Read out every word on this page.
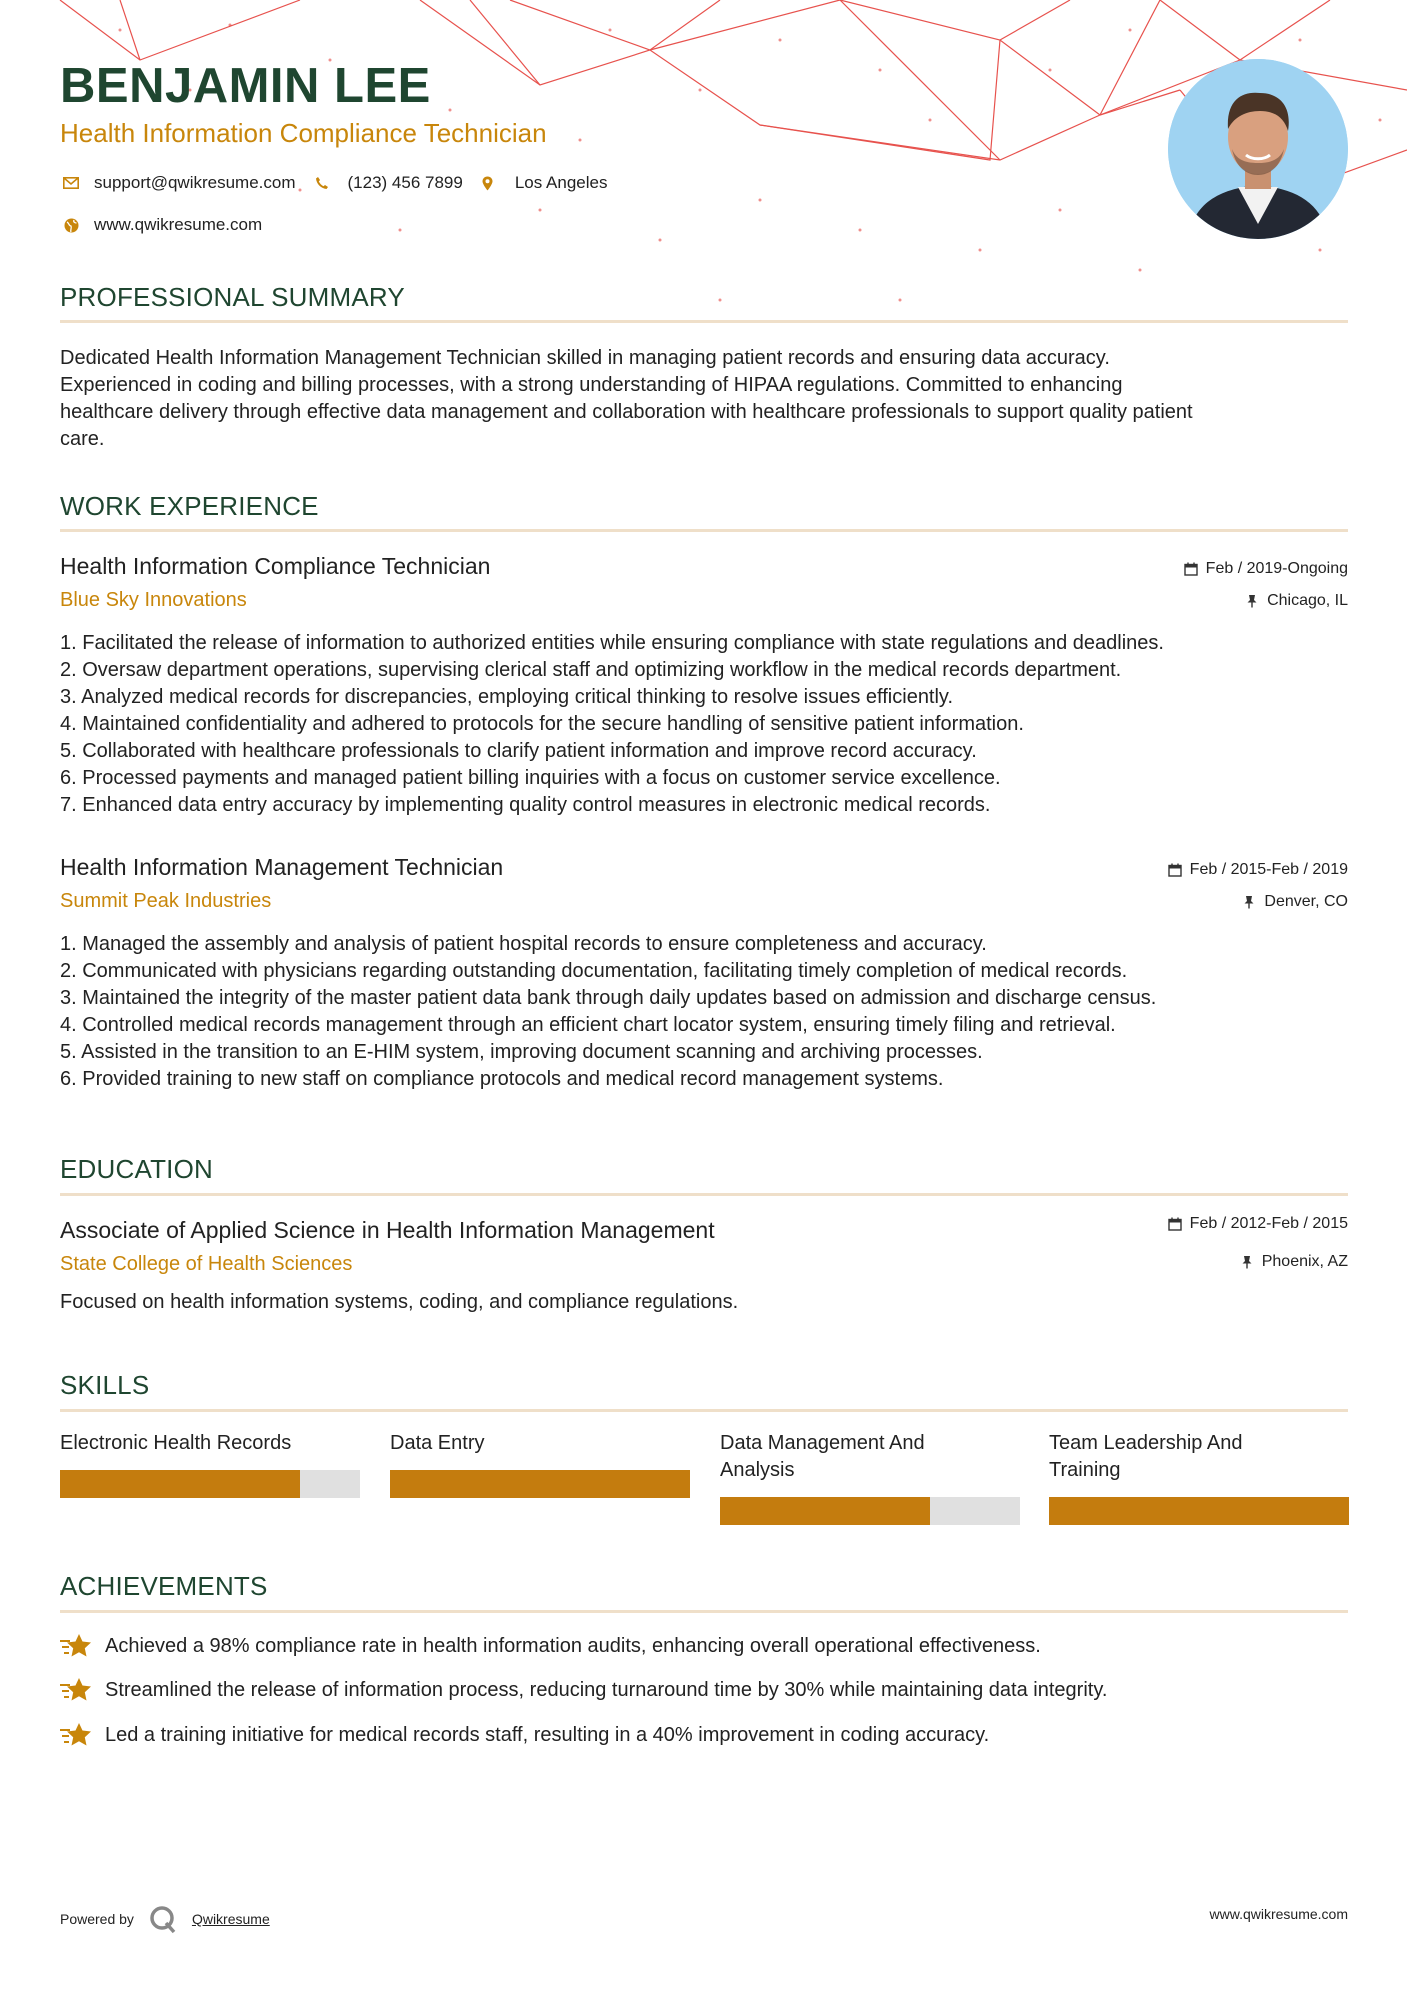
BENJAMIN LEE
Health Information Compliance Technician
support@qwikresume.com	(123) 456 7899	Los Angeles
www.qwikresume.com
PROFESSIONAL SUMMARY
Dedicated Health Information Management Technician skilled in managing patient records and ensuring data accuracy.
Experienced in coding and billing processes, with a strong understanding of HIPAA regulations. Committed to enhancing
healthcare delivery through effective data management and collaboration with healthcare professionals to support quality patient
care.
WORK EXPERIENCE
Health Information Compliance Technician
Blue Sky Innovations
Feb / 2019-Ongoing
Chicago, IL
1. Facilitated the release of information to authorized entities while ensuring compliance with state regulations and deadlines.
2. Oversaw department operations, supervising clerical staff and optimizing workflow in the medical records department.
3. Analyzed medical records for discrepancies, employing critical thinking to resolve issues efficiently.
4. Maintained confidentiality and adhered to protocols for the secure handling of sensitive patient information.
5. Collaborated with healthcare professionals to clarify patient information and improve record accuracy.
6. Processed payments and managed patient billing inquiries with a focus on customer service excellence.
7. Enhanced data entry accuracy by implementing quality control measures in electronic medical records.
Health Information Management Technician
Summit Peak Industries
Feb / 2015-Feb / 2019
Denver, CO
1. Managed the assembly and analysis of patient hospital records to ensure completeness and accuracy.
2. Communicated with physicians regarding outstanding documentation, facilitating timely completion of medical records.
3. Maintained the integrity of the master patient data bank through daily updates based on admission and discharge census.
4. Controlled medical records management through an efficient chart locator system, ensuring timely filing and retrieval.
5. Assisted in the transition to an E-HIM system, improving document scanning and archiving processes.
6. Provided training to new staff on compliance protocols and medical record management systems.
EDUCATION
Associate of Applied Science in Health Information Management
State College of Health Sciences
Feb / 2012-Feb / 2015
Phoenix, AZ
Focused on health information systems, coding, and compliance regulations.
SKILLS
Electronic Health Records	Data Entry	Data Management And Analysis
Team Leadership And Training
ACHIEVEMENTS
Achieved a 98% compliance rate in health information audits, enhancing overall operational effectiveness.
Streamlined the release of information process, reducing turnaround time by 30% while maintaining data integrity.
Led a training initiative for medical records staff, resulting in a 40% improvement in coding accuracy.
Powered by	Qwikresume	www.qwikresume.com
